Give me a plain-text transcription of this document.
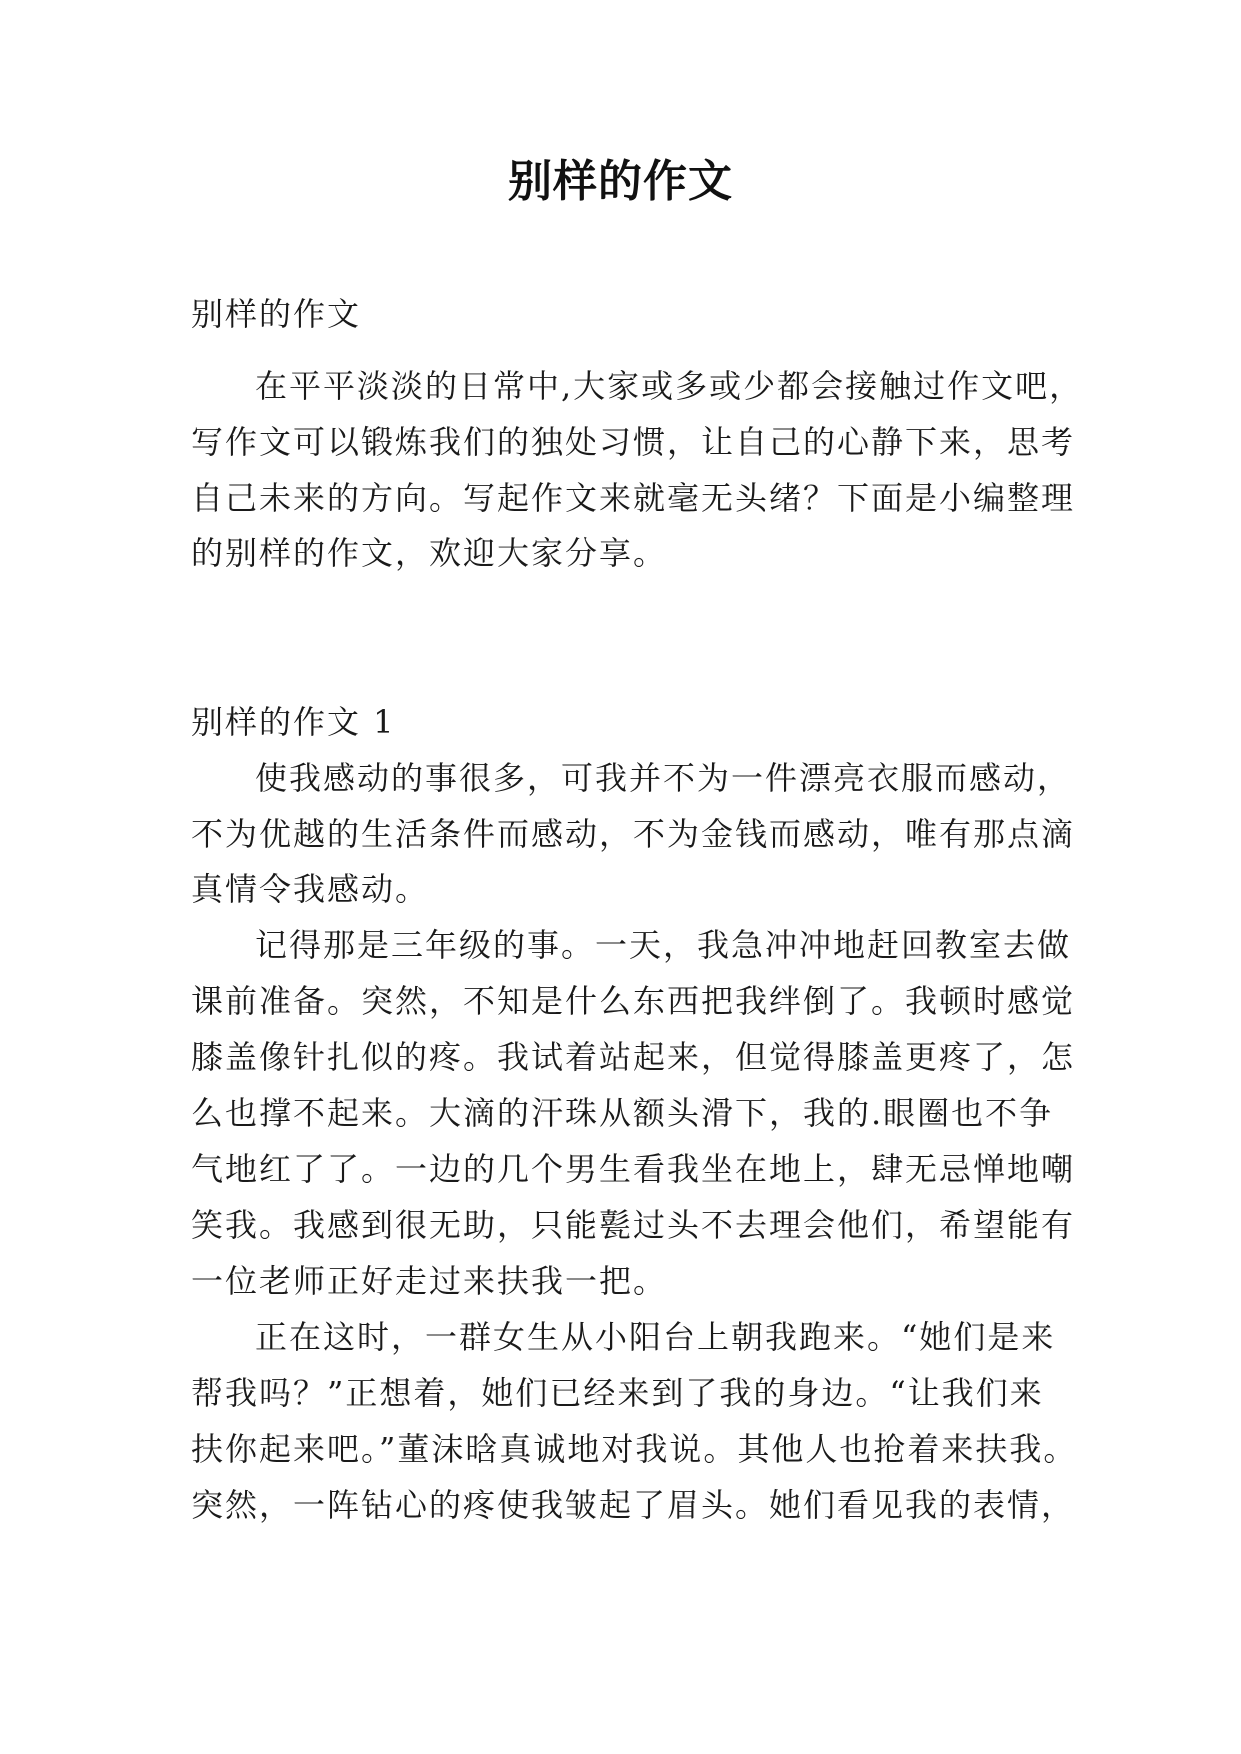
别样的作文
别样的作文
在平平淡淡的日常中,大家或多或少都会接触过作文吧，
写作文可以锻炼我们的独处习惯，让自己的心静下来，思考
自己未来的方向。写起作文来就毫无头绪？下面是小编整理
的别样的作文，欢迎大家分享。
别样的作文 1
使我感动的事很多，可我并不为一件漂亮衣服而感动，
不为优越的生活条件而感动，不为金钱而感动，唯有那点滴
真情令我感动。
记得那是三年级的事。一天，我急冲冲地赶回教室去做
课前准备。突然，不知是什么东西把我绊倒了。我顿时感觉
膝盖像针扎似的疼。我试着站起来，但觉得膝盖更疼了，怎
么也撑不起来。大滴的汗珠从额头滑下，我的.眼圈也不争
气地红了了。一边的几个男生看我坐在地上，肆无忌惮地嘲
笑我。我感到很无助，只能甏过头不去理会他们，希望能有
一位老师正好走过来扶我一把。
正在这时，一群女生从小阳台上朝我跑来。“她们是来
帮我吗？”正想着，她们已经来到了我的身边。“让我们来
扶你起来吧。”董沫晗真诚地对我说。其他人也抢着来扶我。
突然，一阵钻心的疼使我皱起了眉头。她们看见我的表情，
